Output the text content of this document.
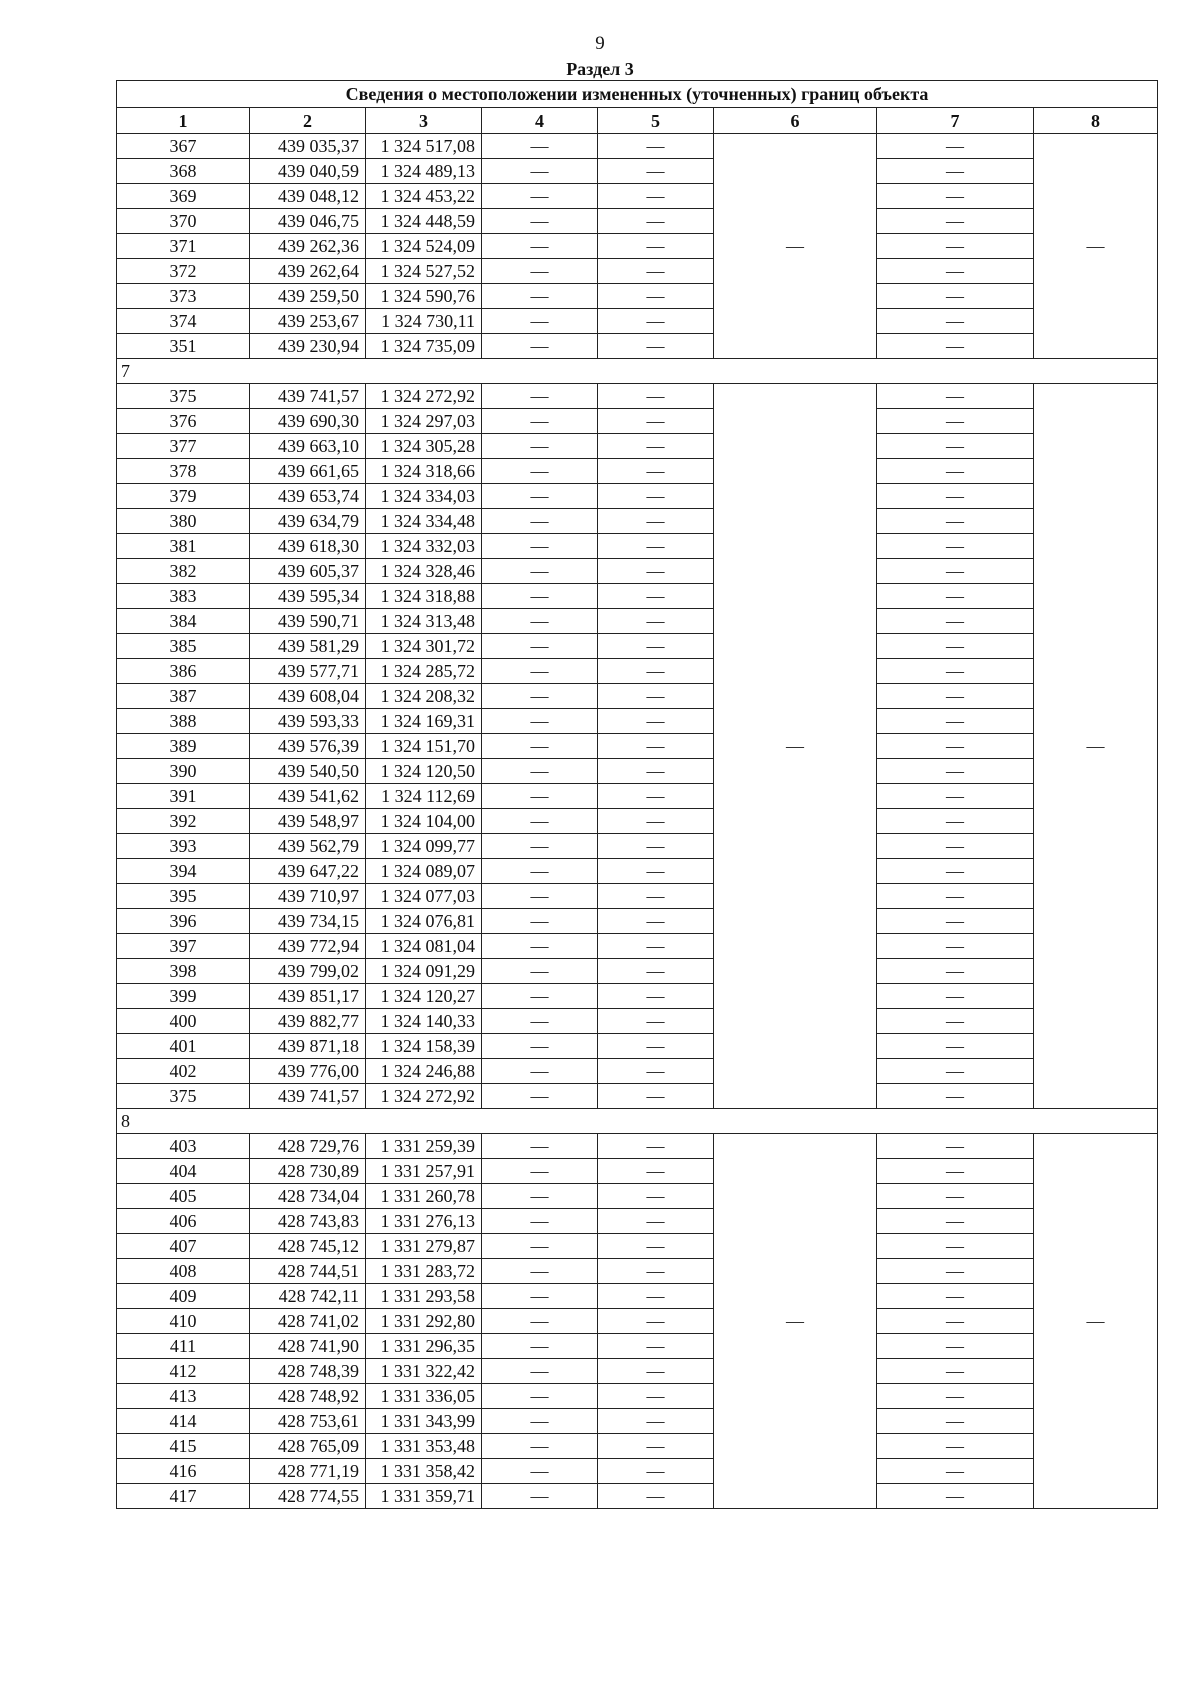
9
Раздел 3
Сведения о местоположении измененных (уточненных) границ объекта							
1	2	3	4	5	6	7	8
367	439 035,37	1 324 517,08	—	—	—	—	—
368	439 040,59	1 324 489,13	—	—		—	
369	439 048,12	1 324 453,22	—	—		—	
370	439 046,75	1 324 448,59	—	—		—	
371	439 262,36	1 324 524,09	—	—		—	
372	439 262,64	1 324 527,52	—	—		—	
373	439 259,50	1 324 590,76	—	—		—	
374	439 253,67	1 324 730,11	—	—		—	
351	439 230,94	1 324 735,09	—	—		—	
7							
375	439 741,57	1 324 272,92	—	—	—	—	—
376	439 690,30	1 324 297,03	—	—		—	
377	439 663,10	1 324 305,28	—	—		—	
378	439 661,65	1 324 318,66	—	—		—	
379	439 653,74	1 324 334,03	—	—		—	
380	439 634,79	1 324 334,48	—	—		—	
381	439 618,30	1 324 332,03	—	—		—	
382	439 605,37	1 324 328,46	—	—		—	
383	439 595,34	1 324 318,88	—	—		—	
384	439 590,71	1 324 313,48	—	—		—	
385	439 581,29	1 324 301,72	—	—		—	
386	439 577,71	1 324 285,72	—	—		—	
387	439 608,04	1 324 208,32	—	—		—	
388	439 593,33	1 324 169,31	—	—		—	
389	439 576,39	1 324 151,70	—	—		—	
390	439 540,50	1 324 120,50	—	—		—	
391	439 541,62	1 324 112,69	—	—		—	
392	439 548,97	1 324 104,00	—	—		—	
393	439 562,79	1 324 099,77	—	—		—	
394	439 647,22	1 324 089,07	—	—		—	
395	439 710,97	1 324 077,03	—	—		—	
396	439 734,15	1 324 076,81	—	—		—	
397	439 772,94	1 324 081,04	—	—		—	
398	439 799,02	1 324 091,29	—	—		—	
399	439 851,17	1 324 120,27	—	—		—	
400	439 882,77	1 324 140,33	—	—		—	
401	439 871,18	1 324 158,39	—	—		—	
402	439 776,00	1 324 246,88	—	—		—	
375	439 741,57	1 324 272,92	—	—		—	
8							
403	428 729,76	1 331 259,39	—	—	—	—	—
404	428 730,89	1 331 257,91	—	—		—	
405	428 734,04	1 331 260,78	—	—		—	
406	428 743,83	1 331 276,13	—	—		—	
407	428 745,12	1 331 279,87	—	—		—	
408	428 744,51	1 331 283,72	—	—		—	
409	428 742,11	1 331 293,58	—	—		—	
410	428 741,02	1 331 292,80	—	—		—	
411	428 741,90	1 331 296,35	—	—		—	
412	428 748,39	1 331 322,42	—	—		—	
413	428 748,92	1 331 336,05	—	—		—	
414	428 753,61	1 331 343,99	—	—		—	
415	428 765,09	1 331 353,48	—	—		—	
416	428 771,19	1 331 358,42	—	—		—	
417	428 774,55	1 331 359,71	—	—		—	
